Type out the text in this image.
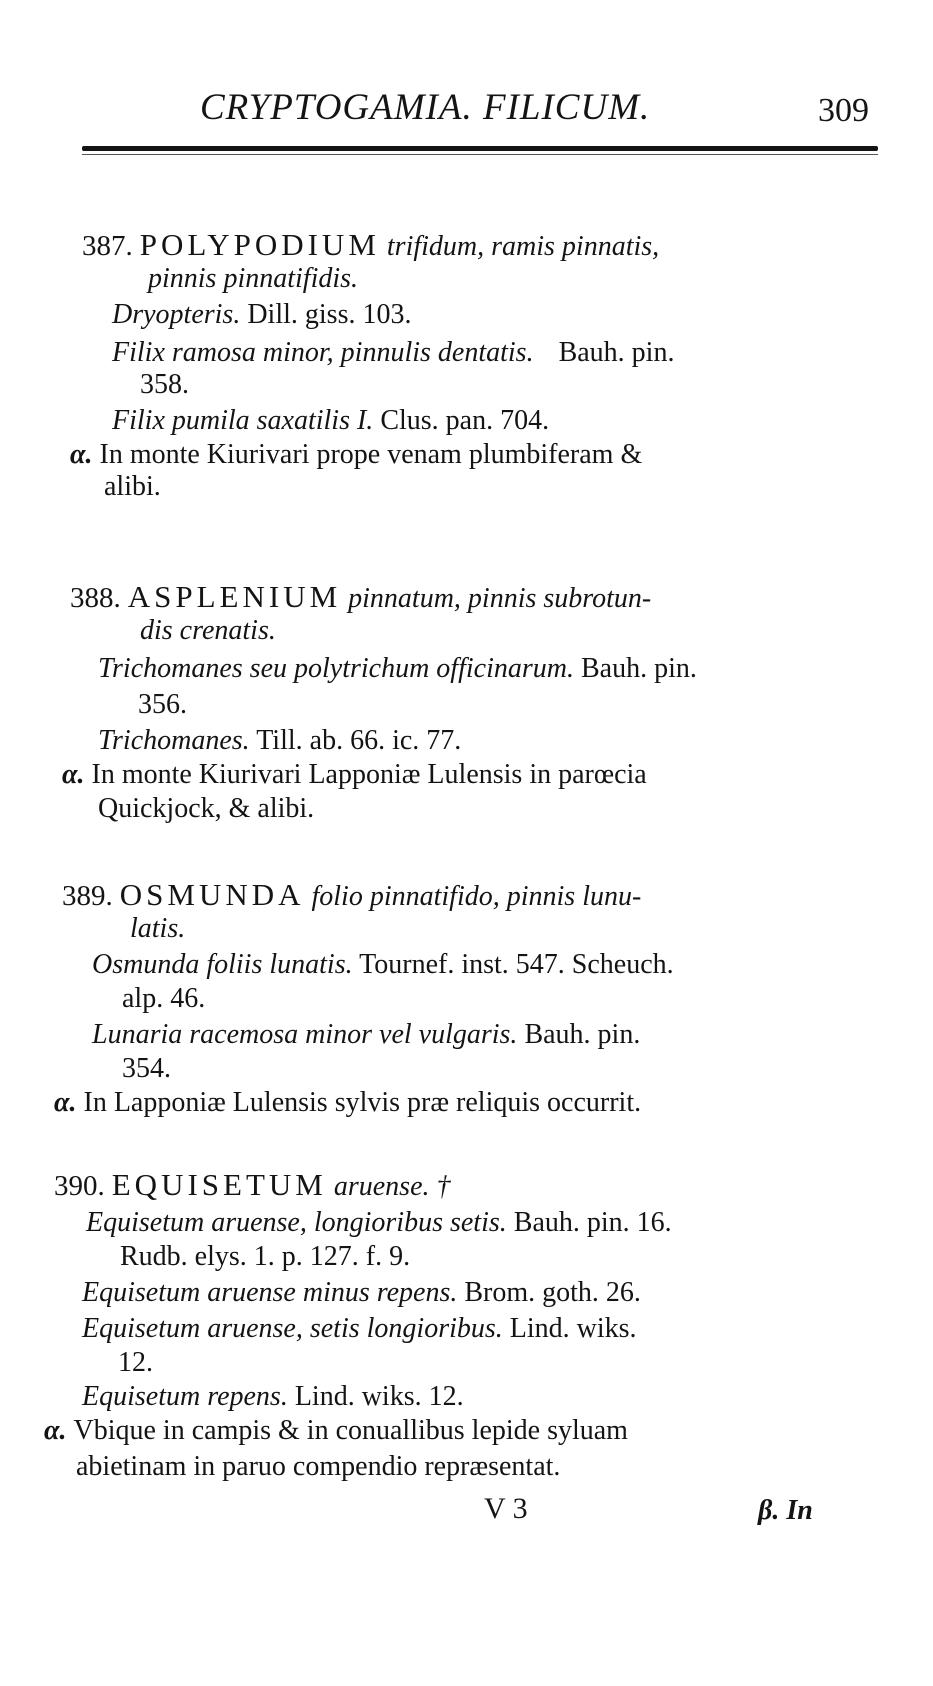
CRYPTOGAMIA. FILICUM.	309
387. POLYPODIUM trifidum, ramis pinnatis,
pinnis pinnatifidis.
Dryopteris. Dill. giss. 103.
Filix ramosa minor, pinnulis dentatis. Bauh. pin.
358.
Filix pumila saxatilis I. Clus. pan. 704.
α. In monte Kiurivari prope venam plumbiferam &
alibi.
388. ASPLENIUM pinnatum, pinnis subrotun-
dis crenatis.
Trichomanes seu polytrichum officinarum. Bauh. pin.
356.
Trichomanes. Till. ab. 66. ic. 77.
α. In monte Kiurivari Lapponiæ Lulensis in parœcia
Quickjock, & alibi.
389. OSMUNDA folio pinnatifido, pinnis lunu-
latis.
Osmunda foliis lunatis. Tournef. inst. 547. Scheuch.
alp. 46.
Lunaria racemosa minor vel vulgaris. Bauh. pin.
354.
α. In Lapponiæ Lulensis sylvis præ reliquis occurrit.
390. EQUISETUM aruense. †
Equisetum aruense, longioribus setis. Bauh. pin. 16.
Rudb. elys. 1. p. 127. f. 9.
Equisetum aruense minus repens. Brom. goth. 26.
Equisetum aruense, setis longioribus. Lind. wiks.
12.
Equisetum repens. Lind. wiks. 12.
α. Vbique in campis & in conuallibus lepide syluam
abietinam in paruo compendio repræsentat.
V 3	β. In
